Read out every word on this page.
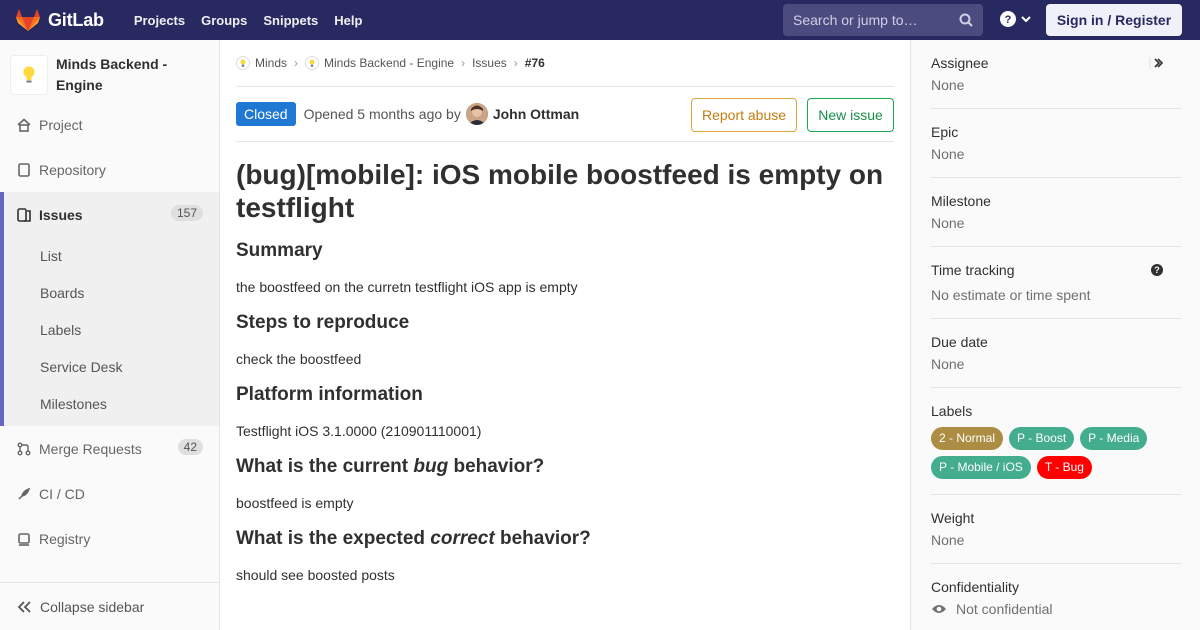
GitLab	Projects	Groups	Snippets	Help	Search or jump to…	?	Sign in / Register
Minds Backend - Engine
Project
Repository
Issues	157
List
Boards
Labels
Service Desk
Milestones
Merge Requests	42
CI / CD
Registry
Collapse sidebar
Minds › Minds Backend - Engine › Issues › #76
Closed	Opened 5 months ago by John Ottman	Report abuse	New issue
(bug)[mobile]: iOS mobile boostfeed is empty on testflight
Summary

the boostfeed on the curretn testflight iOS app is empty

Steps to reproduce

check the boostfeed

Platform information

Testflight iOS 3.1.0000 (210901110001)

What is the current bug behavior?

boostfeed is empty

What is the expected correct behavior?

should see boosted posts

Assignee
None
Epic
None
Milestone
None
Time tracking
No estimate or time spent
?
Due date
None
Labels
2 - Normal	P - Boost	P - Media
P - Mobile / iOS	T - Bug
Weight
None
Confidentiality
Not confidential
